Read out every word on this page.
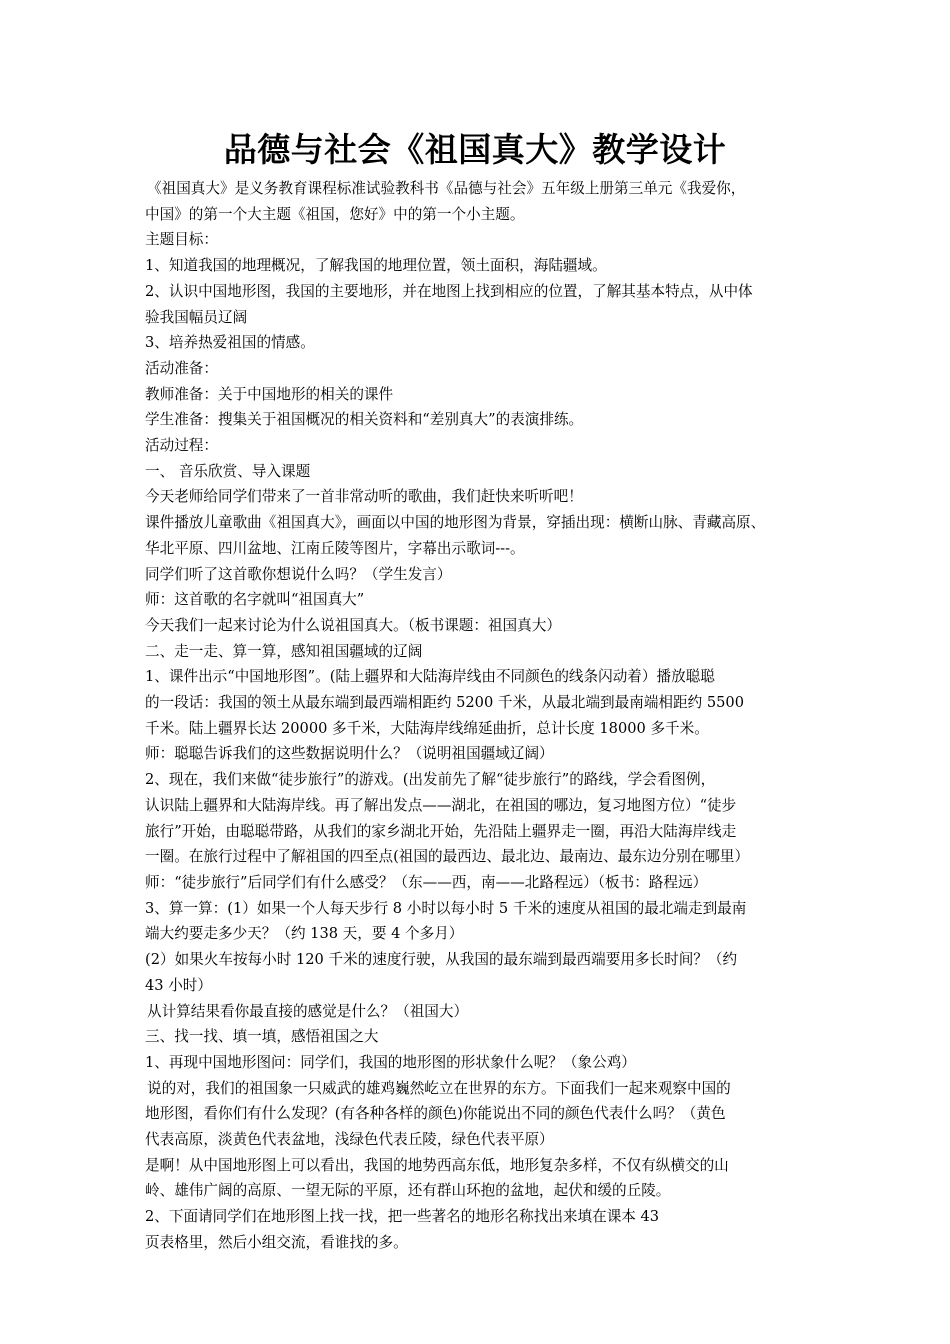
品德与社会《祖国真大》教学设计
《祖国真大》是义务教育课程标准试验教科书《品德与社会》五年级上册第三单元《我爱你，
中国》的第一个大主题《祖国，您好》中的第一个小主题。
主题目标：
1、知道我国的地理概况，了解我国的地理位置，领土面积，海陆疆域。
2、认识中国地形图，我国的主要地形，并在地图上找到相应的位置，了解其基本特点，从中体
验我国幅员辽阔
3、培养热爱祖国的情感。
活动准备：
教师准备：关于中国地形的相关的课件
学生准备：搜集关于祖国概况的相关资料和“差别真大”的表演排练。
活动过程：
一、 音乐欣赏、导入课题
今天老师给同学们带来了一首非常动听的歌曲，我们赶快来听听吧！
课件播放儿童歌曲《祖国真大》，画面以中国的地形图为背景，穿插出现：横断山脉、青藏高原、
华北平原、四川盆地、江南丘陵等图片，字幕出示歌词---。
同学们听了这首歌你想说什么吗？（学生发言）
师：这首歌的名字就叫“祖国真大”
今天我们一起来讨论为什么说祖国真大。（板书课题：祖国真大）
二、走一走、算一算，感知祖国疆域的辽阔
1、课件出示“中国地形图”。(陆上疆界和大陆海岸线由不同颜色的线条闪动着）播放聪聪
的一段话：我国的领土从最东端到最西端相距约 5200 千米，从最北端到最南端相距约 5500
千米。陆上疆界长达 20000 多千米，大陆海岸线绵延曲折，总计长度 18000 多千米。
师：聪聪告诉我们的这些数据说明什么？（说明祖国疆域辽阔）
2、现在，我们来做“徒步旅行”的游戏。(出发前先了解“徒步旅行”的路线，学会看图例，
认识陆上疆界和大陆海岸线。再了解出发点——湖北，在祖国的哪边，复习地图方位）“徒步
旅行”开始，由聪聪带路，从我们的家乡湖北开始，先沿陆上疆界走一圈，再沿大陆海岸线走
一圈。在旅行过程中了解祖国的四至点(祖国的最西边、最北边、最南边、最东边分别在哪里）
师：“徒步旅行”后同学们有什么感受？（东——西，南——北路程远）（板书：路程远）
3、算一算：(1）如果一个人每天步行 8 小时以每小时 5 千米的速度从祖国的最北端走到最南
端大约要走多少天？（约 138 天，要 4 个多月）
(2）如果火车按每小时 120 千米的速度行驶，从我国的最东端到最西端要用多长时间？（约
43 小时）
从计算结果看你最直接的感觉是什么？（祖国大）
三、找一找、填一填，感悟祖国之大
1、再现中国地形图问：同学们，我国的地形图的形状象什么呢？（象公鸡）
说的对，我们的祖国象一只威武的雄鸡巍然屹立在世界的东方。下面我们一起来观察中国的
地形图，看你们有什么发现？(有各种各样的颜色)你能说出不同的颜色代表什么吗？（黄色
代表高原，淡黄色代表盆地，浅绿色代表丘陵，绿色代表平原）
是啊！从中国地形图上可以看出，我国的地势西高东低，地形复杂多样，不仅有纵横交的山
岭、雄伟广阔的高原、一望无际的平原，还有群山环抱的盆地，起伏和缓的丘陵。
2、下面请同学们在地形图上找一找，把一些著名的地形名称找出来填在课本 43
页表格里，然后小组交流，看谁找的多。
